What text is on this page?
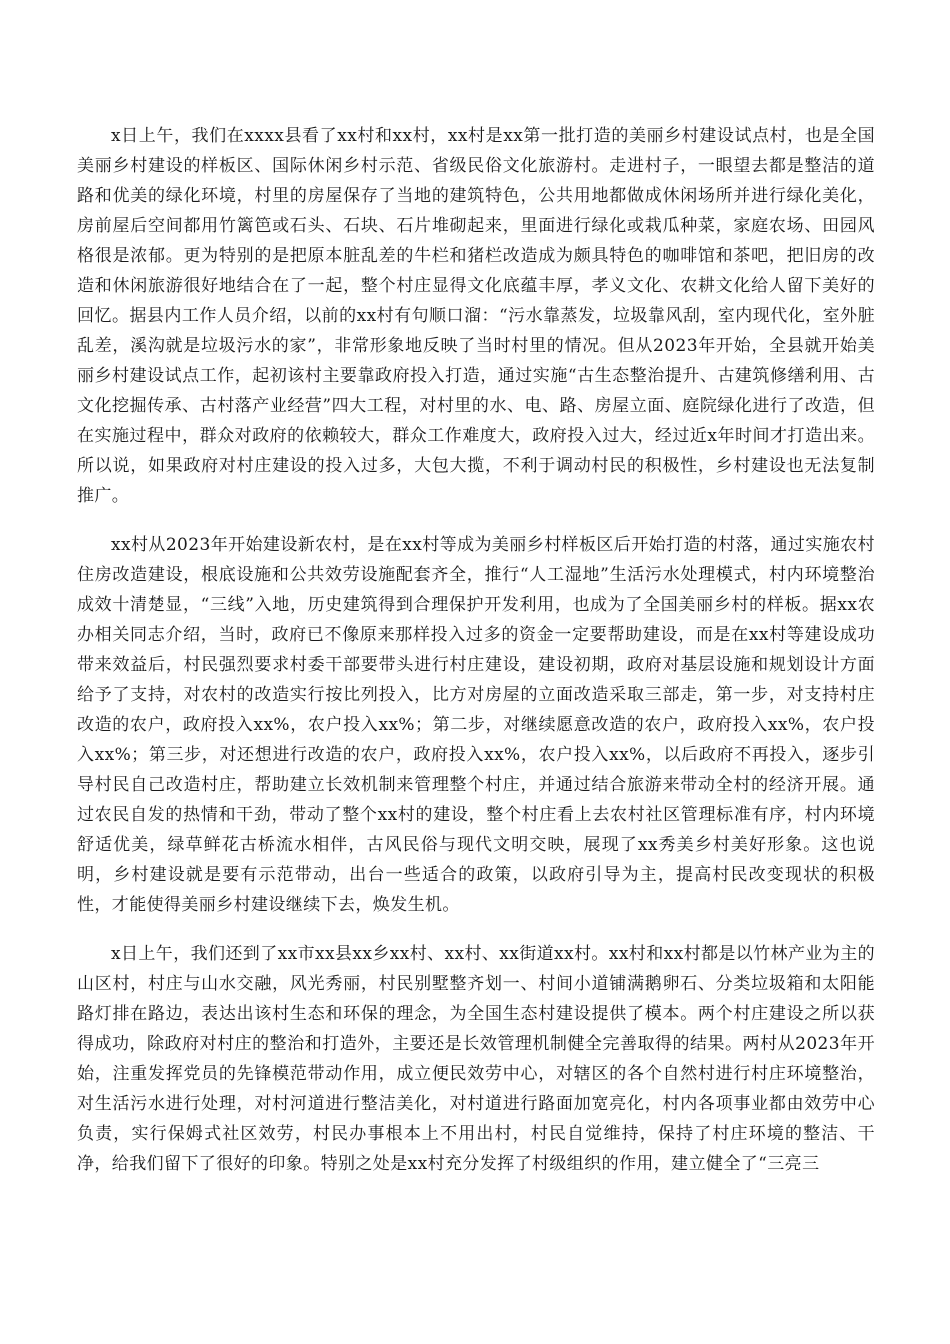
x日上午，我们在xxxx县看了xx村和xx村，xx村是xx第一批打造的美丽乡村建设试点村，也是全国美丽乡村建设的样板区、国际休闲乡村示范、省级民俗文化旅游村。走进村子，一眼望去都是整洁的道路和优美的绿化环境，村里的房屋保存了当地的建筑特色，公共用地都做成休闲场所并进行绿化美化，房前屋后空间都用竹篱笆或石头、石块、石片堆砌起来，里面进行绿化或栽瓜种菜，家庭农场、田园风格很是浓郁。更为特别的是把原本脏乱差的牛栏和猪栏改造成为颇具特色的咖啡馆和茶吧，把旧房的改造和休闲旅游很好地结合在了一起，整个村庄显得文化底蕴丰厚，孝义文化、农耕文化给人留下美好的回忆。据县内工作人员介绍，以前的xx村有句顺口溜：“污水靠蒸发，垃圾靠风刮，室内现代化，室外脏乱差，溪沟就是垃圾污水的家”，非常形象地反映了当时村里的情况。但从2023年开始，全县就开始美丽乡村建设试点工作，起初该村主要靠政府投入打造，通过实施“古生态整治提升、古建筑修缮利用、古文化挖掘传承、古村落产业经营”四大工程，对村里的水、电、路、房屋立面、庭院绿化进行了改造，但在实施过程中，群众对政府的依赖较大，群众工作难度大，政府投入过大，经过近x年时间才打造出来。所以说，如果政府对村庄建设的投入过多，大包大揽，不利于调动村民的积极性，乡村建设也无法复制推广。

xx村从2023年开始建设新农村，是在xx村等成为美丽乡村样板区后开始打造的村落，通过实施农村住房改造建设，根底设施和公共效劳设施配套齐全，推行“人工湿地”生活污水处理模式，村内环境整治成效十清楚显，“三线”入地，历史建筑得到合理保护开发利用，也成为了全国美丽乡村的样板。据xx农办相关同志介绍，当时，政府已不像原来那样投入过多的资金一定要帮助建设，而是在xx村等建设成功带来效益后，村民强烈要求村委干部要带头进行村庄建设，建设初期，政府对基层设施和规划设计方面给予了支持，对农村的改造实行按比列投入，比方对房屋的立面改造采取三部走，第一步，对支持村庄改造的农户，政府投入xx%，农户投入xx%；第二步，对继续愿意改造的农户，政府投入xx%，农户投入xx%；第三步，对还想进行改造的农户，政府投入xx%，农户投入xx%，以后政府不再投入，逐步引导村民自己改造村庄，帮助建立长效机制来管理整个村庄，并通过结合旅游来带动全村的经济开展。通过农民自发的热情和干劲，带动了整个xx村的建设，整个村庄看上去农村社区管理标准有序，村内环境舒适优美，绿草鲜花古桥流水相伴，古风民俗与现代文明交映，展现了xx秀美乡村美好形象。这也说明，乡村建设就是要有示范带动，出台一些适合的政策，以政府引导为主，提高村民改变现状的积极性，才能使得美丽乡村建设继续下去，焕发生机。

x日上午，我们还到了xx市xx县xx乡xx村、xx村、xx街道xx村。xx村和xx村都是以竹林产业为主的山区村，村庄与山水交融，风光秀丽，村民别墅整齐划一、村间小道铺满鹅卵石、分类垃圾箱和太阳能路灯排在路边，表达出该村生态和环保的理念，为全国生态村建设提供了模本。两个村庄建设之所以获得成功，除政府对村庄的整治和打造外，主要还是长效管理机制健全完善取得的结果。两村从2023年开始，注重发挥党员的先锋模范带动作用，成立便民效劳中心，对辖区的各个自然村进行村庄环境整治，对生活污水进行处理，对村河道进行整洁美化，对村道进行路面加宽亮化，村内各项事业都由效劳中心负责，实行保姆式社区效劳，村民办事根本上不用出村，村民自觉维持，保持了村庄环境的整洁、干净，给我们留下了很好的印象。特别之处是xx村充分发挥了村级组织的作用，建立健全了“三亮三
